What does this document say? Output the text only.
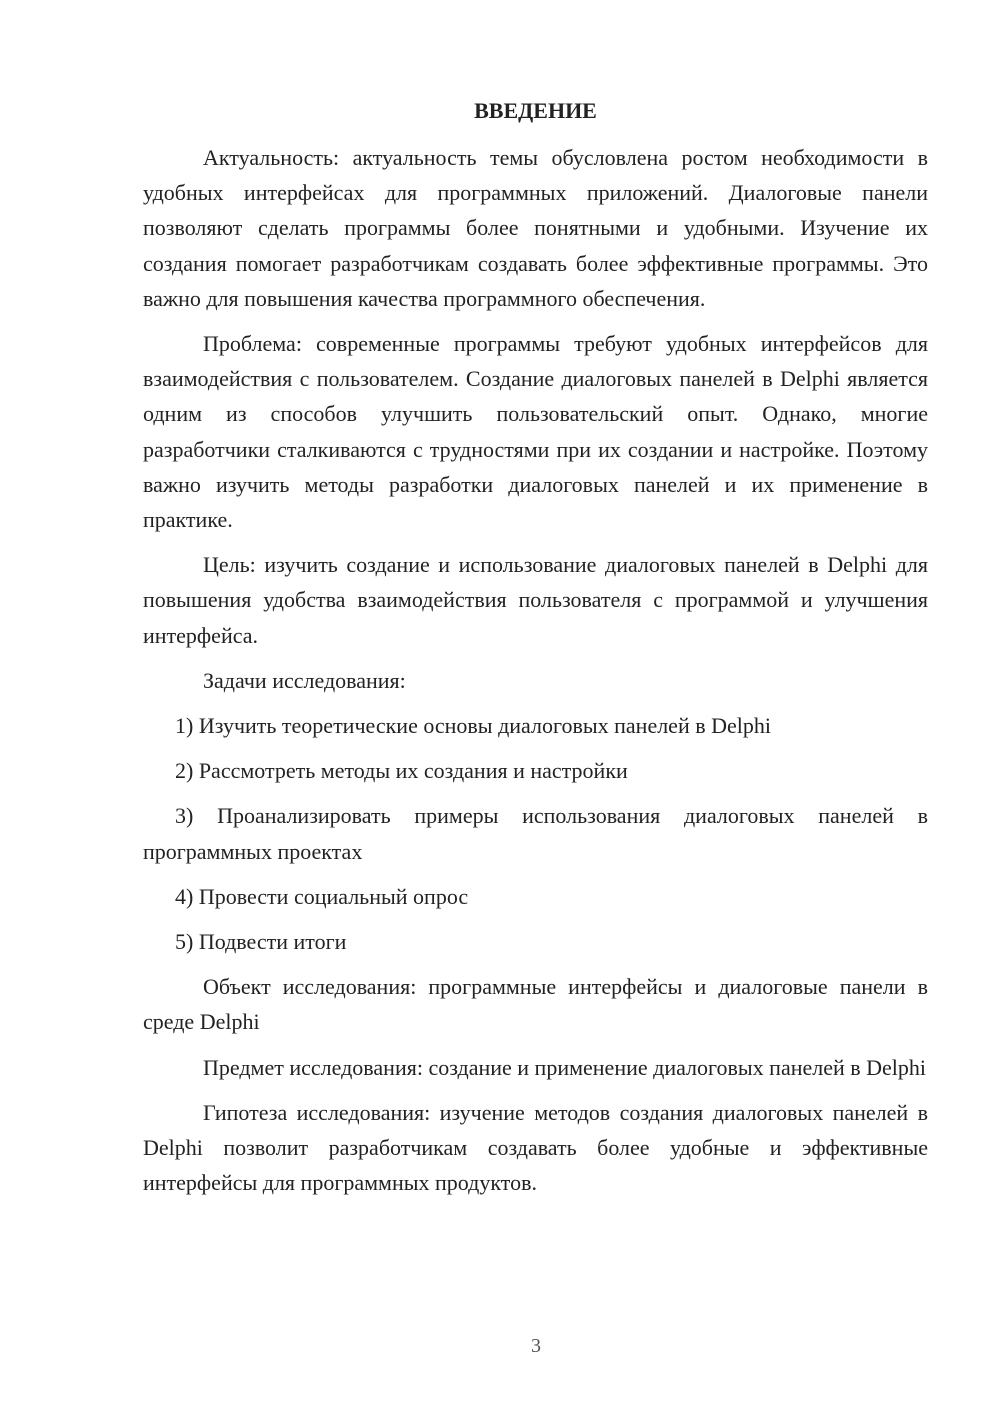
ВВЕДЕНИЕ

Актуальность: актуальность темы обусловлена ростом необходимости в удобных интерфейсах для программных приложений. Диалоговые панели позволяют сделать программы более понятными и удобными. Изучение их создания помогает разработчикам создавать более эффективные программы. Это важно для повышения качества программного обеспечения.

Проблема: современные программы требуют удобных интерфейсов для взаимодействия с пользователем. Создание диалоговых панелей в Delphi является одним из способов улучшить пользовательский опыт. Однако, многие разработчики сталкиваются с трудностями при их создании и настройке. Поэтому важно изучить методы разработки диалоговых панелей и их применение в практике.

Цель: изучить создание и использование диалоговых панелей в Delphi для повышения удобства взаимодействия пользователя с программой и улучшения интерфейса.

Задачи исследования:

1) Изучить теоретические основы диалоговых панелей в Delphi

2) Рассмотреть методы их создания и настройки

3) Проанализировать примеры использования диалоговых панелей в программных проектах

4) Провести социальный опрос

5) Подвести итоги

Объект исследования: программные интерфейсы и диалоговые панели в среде Delphi

Предмет исследования: создание и применение диалоговых панелей в Delphi

Гипотеза исследования: изучение методов создания диалоговых панелей в Delphi позволит разработчикам создавать более удобные и эффективные интерфейсы для программных продуктов.

3
